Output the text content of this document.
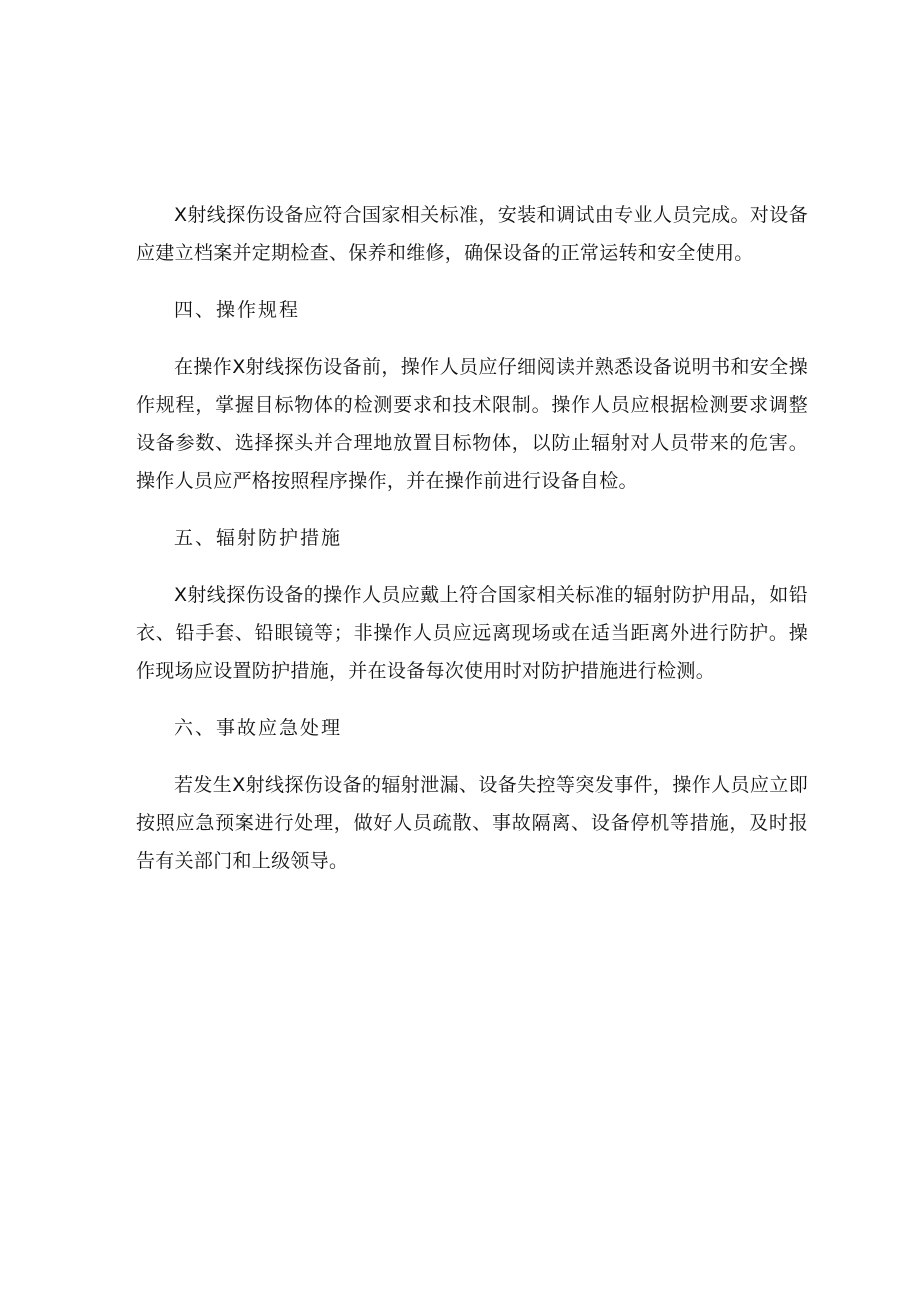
X射线探伤设备应符合国家相关标准，安装和调试由专业人员完成。对设备应建立档案并定期检查、保养和维修，确保设备的正常运转和安全使用。

四、操作规程

在操作X射线探伤设备前，操作人员应仔细阅读并熟悉设备说明书和安全操作规程，掌握目标物体的检测要求和技术限制。操作人员应根据检测要求调整设备参数、选择探头并合理地放置目标物体，以防止辐射对人员带来的危害。操作人员应严格按照程序操作，并在操作前进行设备自检。

五、辐射防护措施

X射线探伤设备的操作人员应戴上符合国家相关标准的辐射防护用品，如铅衣、铅手套、铅眼镜等；非操作人员应远离现场或在适当距离外进行防护。操作现场应设置防护措施，并在设备每次使用时对防护措施进行检测。

六、事故应急处理

若发生X射线探伤设备的辐射泄漏、设备失控等突发事件，操作人员应立即按照应急预案进行处理，做好人员疏散、事故隔离、设备停机等措施，及时报告有关部门和上级领导。
